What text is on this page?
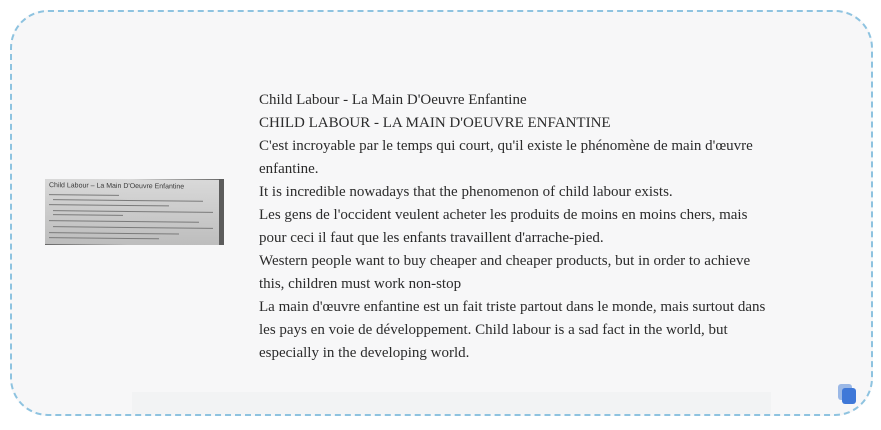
Child Labour – La Main D'Oeuvre Enfantine

Child Labour - La Main D'Oeuvre Enfantine

CHILD LABOUR - LA MAIN D'OEUVRE ENFANTINE

C'est incroyable par le temps qui court, qu'il existe le phénomène de main d'œuvre enfantine.

It is incredible nowadays that the phenomenon of child labour exists.

Les gens de l'occident veulent acheter les produits de moins en moins chers, mais pour ceci il faut que les enfants travaillent d'arrache-pied.

Western people want to buy cheaper and cheaper products, but in order to achieve this, children must work non-stop

La main d'œuvre enfantine est un fait triste partout dans le monde, mais surtout dans les pays en voie de développement. Child labour is a sad fact in the world, but especially in the developing world.
